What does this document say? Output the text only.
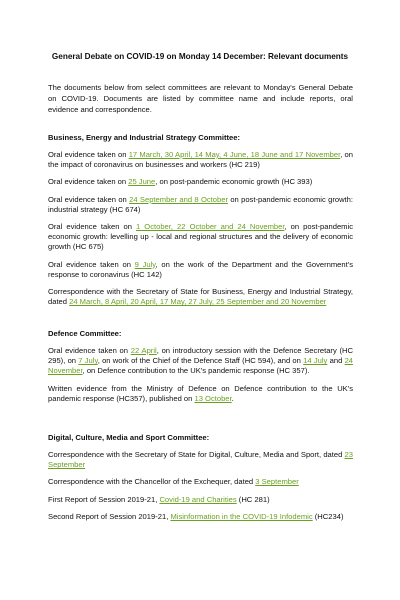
General Debate on COVID-19 on Monday 14 December: Relevant documents
The documents below from select committees are relevant to Monday's General Debate on COVID-19. Documents are listed by committee name and include reports, oral evidence and correspondence.
Business, Energy and Industrial Strategy Committee:
Oral evidence taken on 17 March, 30 April, 14 May, 4 June, 18 June and 17 November, on the impact of coronavirus on businesses and workers (HC 219)
Oral evidence taken on 25 June, on post-pandemic economic growth (HC 393)
Oral evidence taken on 24 September and 8 October on post-pandemic economic growth: industrial strategy (HC 674)
Oral evidence taken on 1 October, 22 October and 24 November, on post-pandemic economic growth: levelling up - local and regional structures and the delivery of economic growth (HC 675)
Oral evidence taken on 9 July, on the work of the Department and the Government's response to coronavirus (HC 142)
Correspondence with the Secretary of State for Business, Energy and Industrial Strategy, dated 24 March, 8 April, 20 April, 17 May, 27 July, 25 September and 20 November
Defence Committee:
Oral evidence taken on 22 April, on introductory session with the Defence Secretary (HC 295), on 7 July, on work of the Chief of the Defence Staff (HC 594), and on 14 July and 24 November, on Defence contribution to the UK's pandemic response (HC 357).
Written evidence from the Ministry of Defence on Defence contribution to the UK's pandemic response (HC357), published on 13 October.
Digital, Culture, Media and Sport Committee:
Correspondence with the Secretary of State for Digital, Culture, Media and Sport, dated 23 September
Correspondence with the Chancellor of the Exchequer, dated 3 September
First Report of Session 2019-21, Covid-19 and Charities (HC 281)
Second Report of Session 2019-21, Misinformation in the COVID-19 Infodemic (HC234)
